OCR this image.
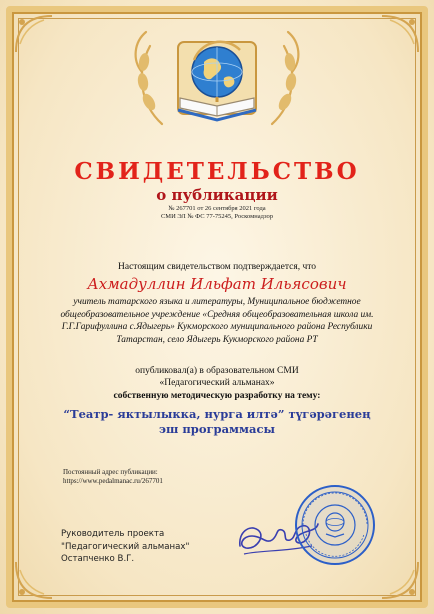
СВИДЕТЕЛЬСТВО
о публикации
№ 267701 от 26 сентября 2021 года
СМИ ЭЛ № ФС 77-75245, Роскомнадзор
Настоящим свидетельством подтверждается, что
Ахмадуллин Ильфат Ильясович
учитель татарского языка и литературы, Муниципальное бюджетное общеобразовательное учреждение «Средняя общеобразовательная школа им. Г.Г.Гарифуллина с.Ядыгерь» Кукморского муниципального района Республики Татарстан, село Ядыгерь Кукморского района РТ
опубликовал(а) в образовательном СМИ
«Педагогический альманах»
собственную методическую разработку на тему:
“Театр- яктылыкка, нурга илтә” түгәрәгенең эш программасы
Постоянный адрес публикации:
https://www.pedalmanac.ru/267701
Руководитель проекта
"Педагогический альманах"
Остапченко В.Г.
